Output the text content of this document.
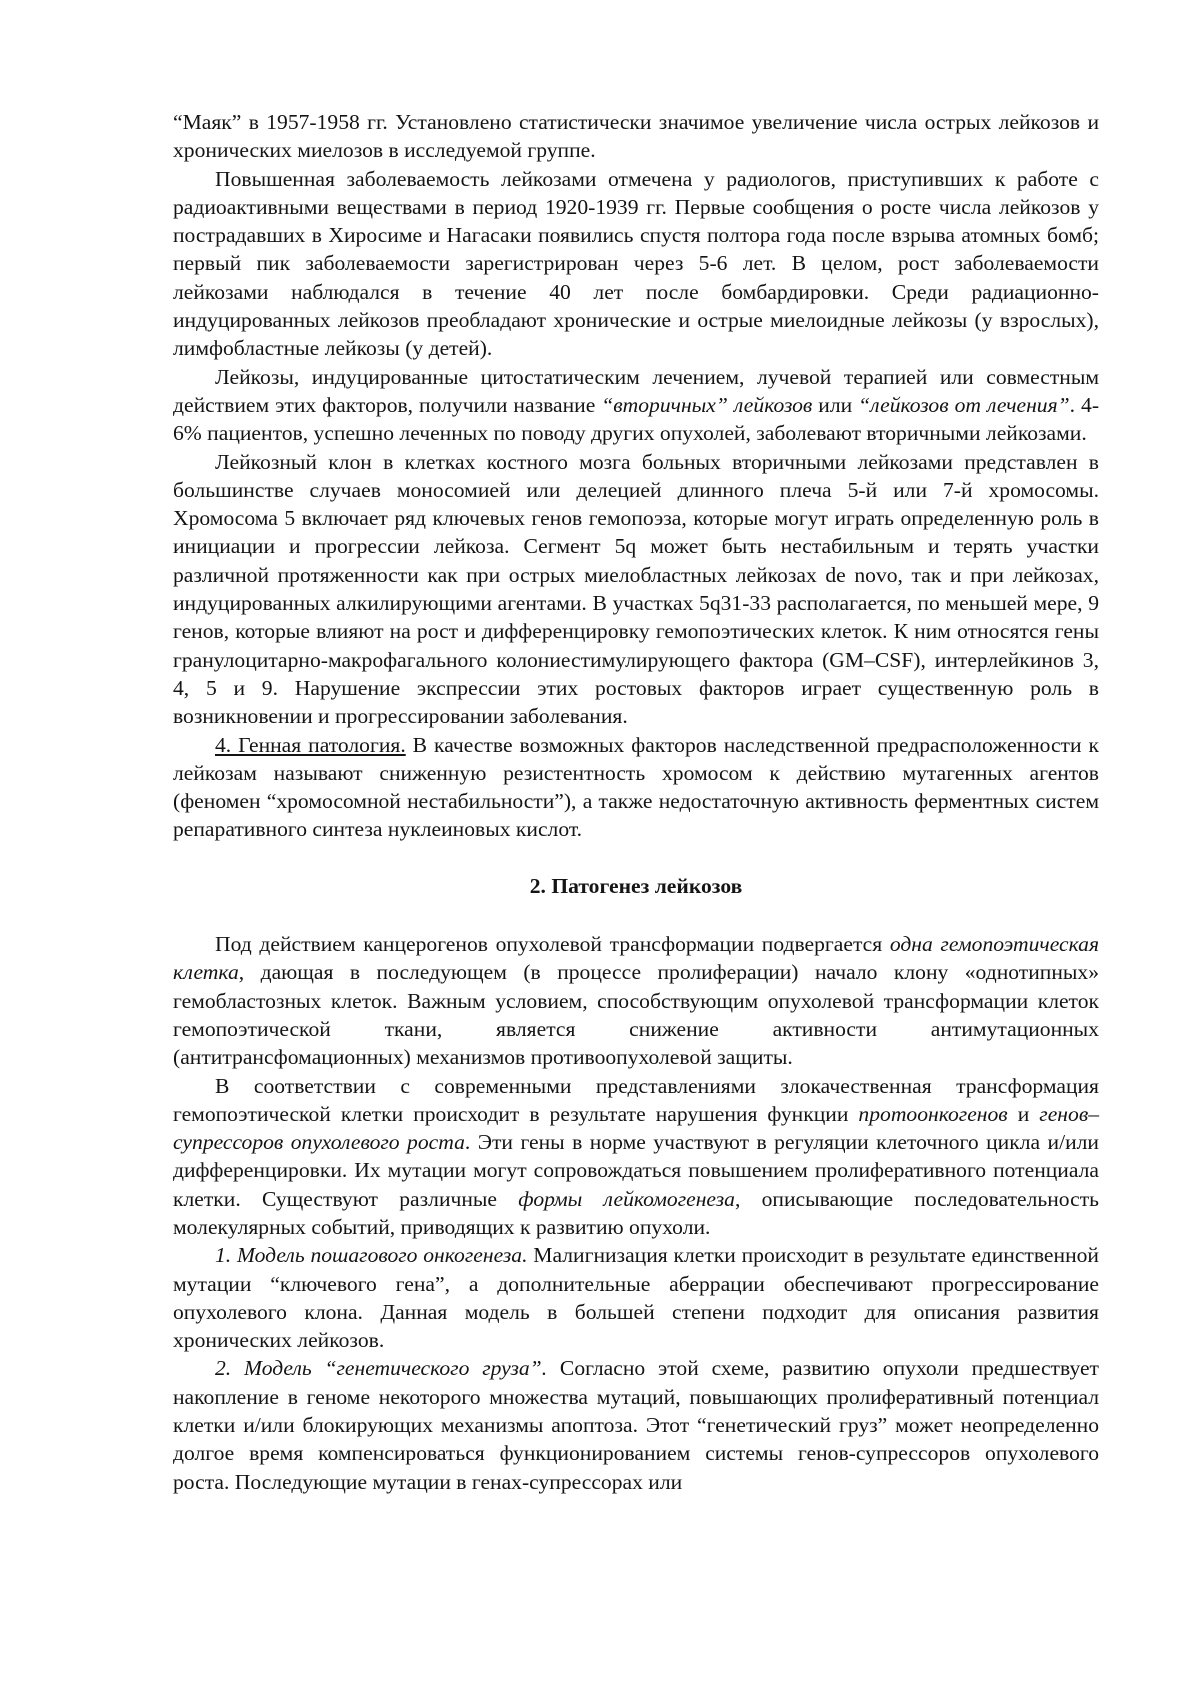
“Маяк” в 1957-1958 гг. Установлено статистически значимое увеличение числа острых лейкозов и хронических миелозов в исследуемой группе.

Повышенная заболеваемость лейкозами отмечена у радиологов, приступивших к работе с радиоактивными веществами в период 1920-1939 гг. Первые сообщения о росте числа лейкозов у пострадавших в Хиросиме и Нагасаки появились спустя полтора года после взрыва атомных бомб; первый пик заболеваемости зарегистрирован через 5-6 лет. В целом, рост заболеваемости лейкозами наблюдался в течение 40 лет после бомбардировки. Среди радиационно-индуцированных лейкозов преобладают хронические и острые миелоидные лейкозы (у взрослых), лимфобластные лейкозы (у детей).

Лейкозы, индуцированные цитостатическим лечением, лучевой терапией или совместным действием этих факторов, получили название “вторичных” лейкозов или “лейкозов от лечения”. 4-6% пациентов, успешно леченных по поводу других опухолей, заболевают вторичными лейкозами.

Лейкозный клон в клетках костного мозга больных вторичными лейкозами представлен в большинстве случаев моносомией или делецией длинного плеча 5-й или 7-й хромосомы. Хромосома 5 включает ряд ключевых генов гемопоэза, которые могут играть определенную роль в инициации и прогрессии лейкоза. Сегмент 5q может быть нестабильным и терять участки различной протяженности как при острых миелобластных лейкозах de novo, так и при лейкозах, индуцированных алкилирующими агентами. В участках 5q31-33 располагается, по меньшей мере, 9 генов, которые влияют на рост и дифференцировку гемопоэтических клеток. К ним относятся гены гранулоцитарно-макрофагального колониестимулирующего фактора (GM–CSF), интерлейкинов 3, 4, 5 и 9. Нарушение экспрессии этих ростовых факторов играет существенную роль в возникновении и прогрессировании заболевания.

4. Генная патология. В качестве возможных факторов наследственной предрасположенности к лейкозам называют сниженную резистентность хромосом к действию мутагенных агентов (феномен “хромосомной нестабильности”), а также недостаточную активность ферментных систем репаративного синтеза нуклеиновых кислот.

2. Патогенез лейкозов

Под действием канцерогенов опухолевой трансформации подвергается одна гемопоэтическая клетка, дающая в последующем (в процессе пролиферации) начало клону «однотипных» гемобластозных клеток. Важным условием, способствующим опухолевой трансформации клеток гемопоэтической ткани, является снижение активности антимутационных (антитрансфомационных) механизмов противоопухолевой защиты.

В соответствии с современными представлениями злокачественная трансформация гемопоэтической клетки происходит в результате нарушения функции протоонкогенов и генов–супрессоров опухолевого роста. Эти гены в норме участвуют в регуляции клеточного цикла и/или дифференцировки. Их мутации могут сопровождаться повышением пролиферативного потенциала клетки. Существуют различные формы лейкомогенеза, описывающие последовательность молекулярных событий, приводящих к развитию опухоли.

1. Модель пошагового онкогенеза. Малигнизация клетки происходит в результате единственной мутации “ключевого гена”, а дополнительные аберрации обеспечивают прогрессирование опухолевого клона. Данная модель в большей степени подходит для описания развития хронических лейкозов.

2. Модель “генетического груза”. Согласно этой схеме, развитию опухоли предшествует накопление в геноме некоторого множества мутаций, повышающих пролиферативный потенциал клетки и/или блокирующих механизмы апоптоза. Этот “генетический груз” может неопределенно долгое время компенсироваться функционированием системы генов-супрессоров опухолевого роста. Последующие мутации в генах-супрессорах или
